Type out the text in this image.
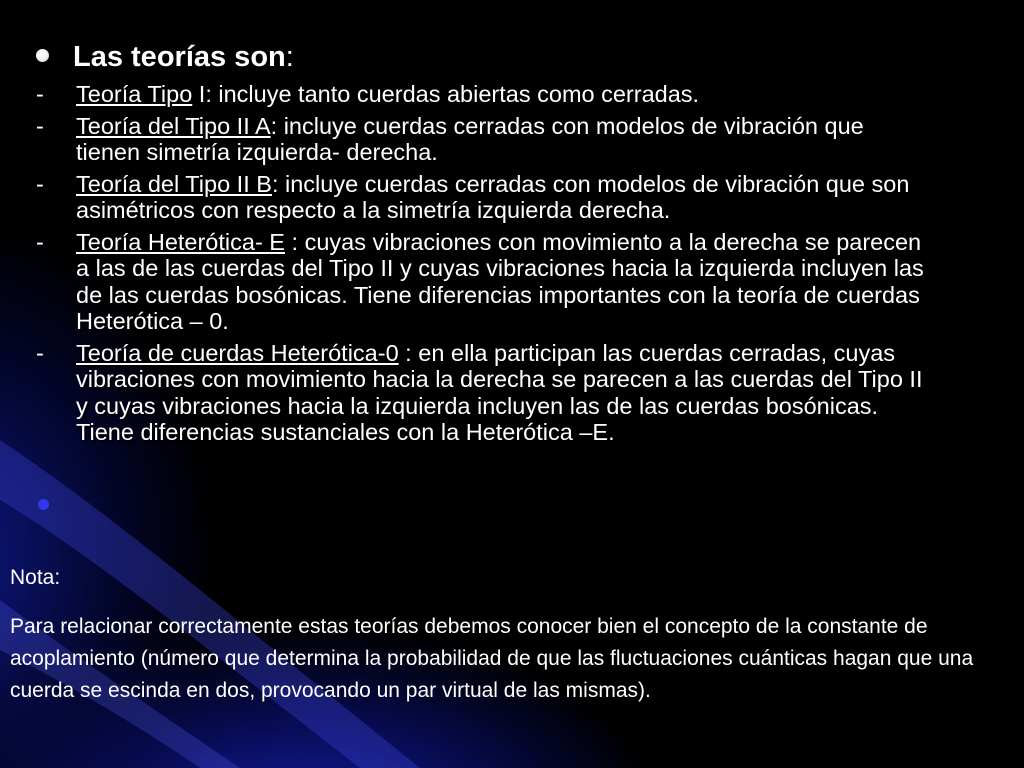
Las teorías son:
-	Teoría Tipo I: incluye tanto cuerdas abiertas como cerradas.
-	Teoría del Tipo II A: incluye cuerdas cerradas con modelos de vibración que tienen simetría izquierda- derecha.
-	Teoría del Tipo II B: incluye cuerdas cerradas con modelos de vibración que son asimétricos con respecto a la simetría izquierda derecha.
-	Teoría Heterótica- E : cuyas vibraciones con movimiento a la derecha se parecen a las de las cuerdas del Tipo II y cuyas vibraciones hacia la izquierda incluyen las de las cuerdas bosónicas. Tiene diferencias importantes con la teoría de cuerdas Heterótica – 0.
-	Teoría de cuerdas Heterótica-0 : en ella participan las cuerdas cerradas, cuyas vibraciones con movimiento hacia la derecha se parecen a las cuerdas del Tipo II y cuyas vibraciones hacia la izquierda incluyen las de las cuerdas bosónicas. Tiene diferencias sustanciales con la Heterótica –E.
Nota:
Para relacionar correctamente estas teorías debemos conocer bien el concepto de la constante de acoplamiento (número que determina la probabilidad de que las fluctuaciones cuánticas hagan que una cuerda se escinda en dos, provocando un par virtual de las mismas).
